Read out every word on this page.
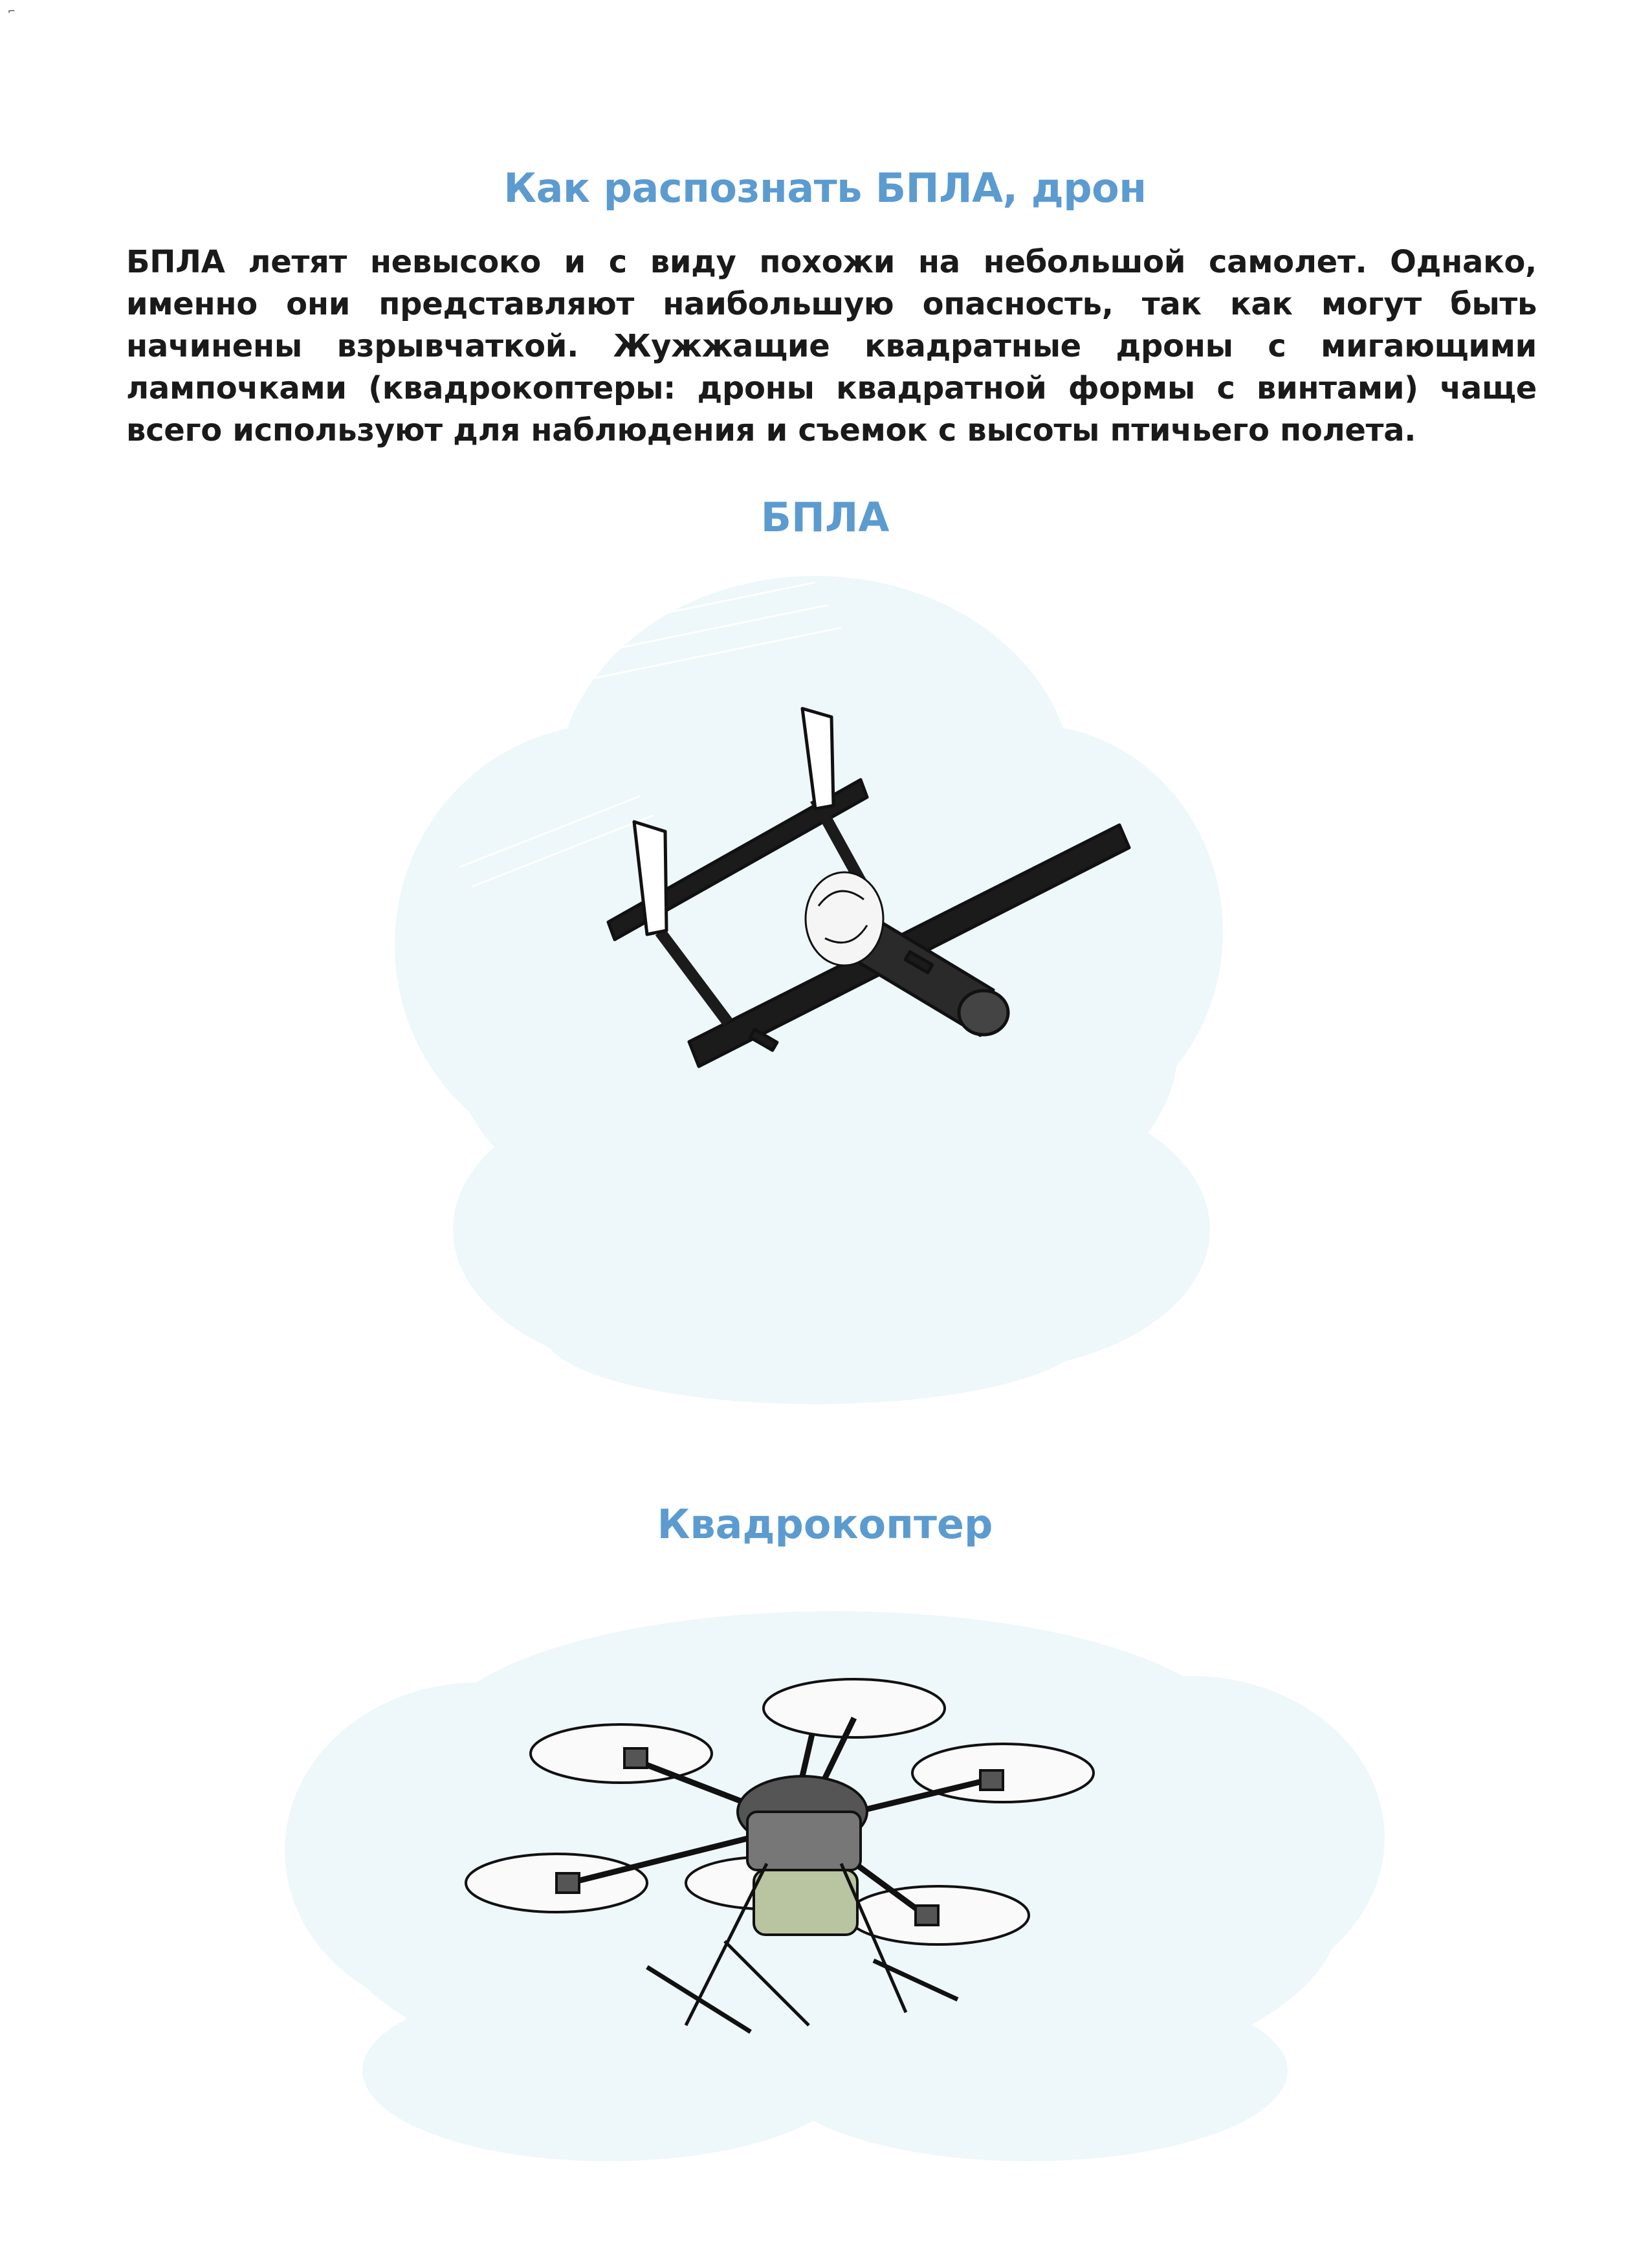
Как распознать БПЛА, дрон

БПЛА летят невысоко и с виду похожи на небольшой самолет. Однако, именно они представляют наибольшую опасность, так как могут быть начинены взрывчаткой. Жужжащие квадратные дроны с мигающими лампочками (квадрокоптеры: дроны квадратной формы с винтами) чаще всего используют для наблюдения и съемок с высоты птичьего полета.

БПЛА
Квадрокоптер
⌐
